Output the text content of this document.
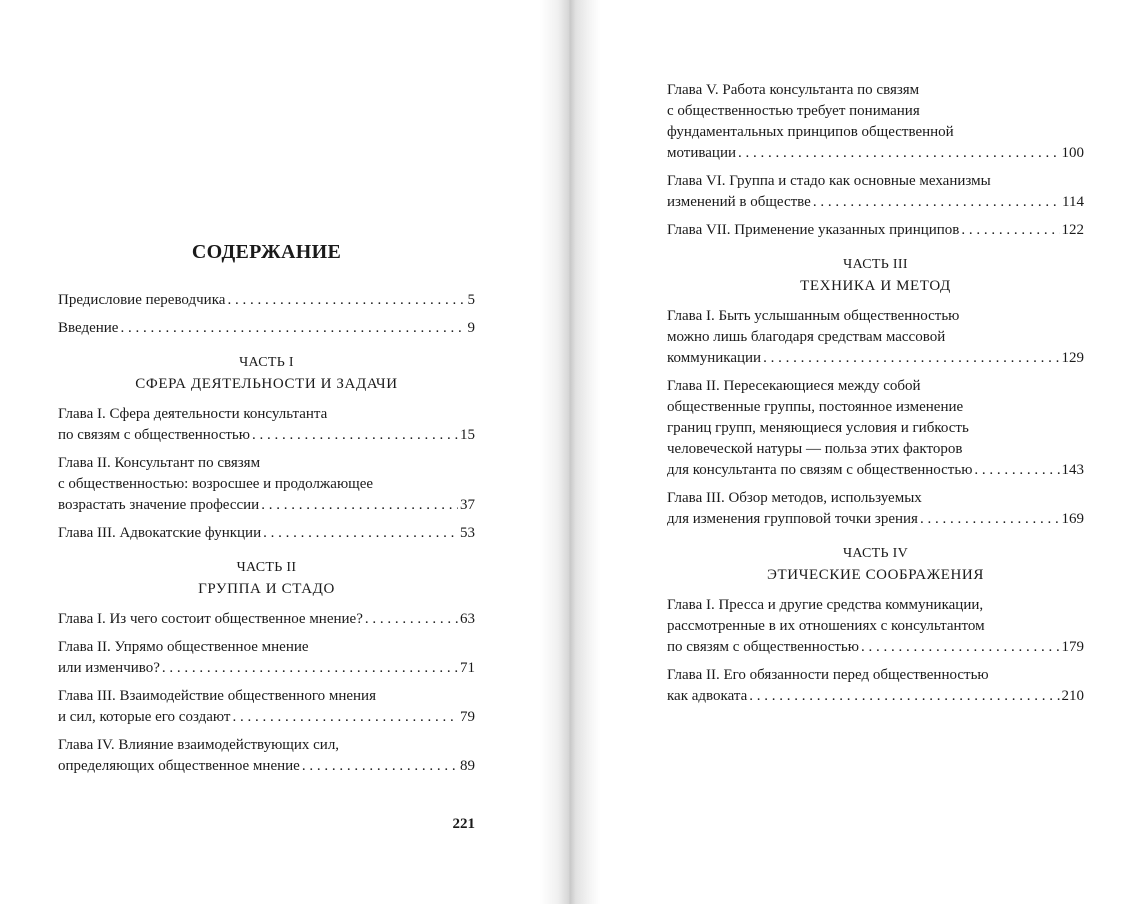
СОДЕРЖАНИЕ
Предисловие переводчика . . .	5
Введение . . .	9
ЧАСТЬ I
СФЕРА ДЕЯТЕЛЬНОСТИ И ЗАДАЧИ
Глава I. Сфера деятельности консультанта
по связям с общественностью . . .	15
Глава II. Консультант по связям
с общественностью: возросшее и продолжающее
возрастать значение профессии . . .	37
Глава III. Адвокатские функции . . .	53
ЧАСТЬ II
ГРУППА И СТАДО
Глава I. Из чего состоит общественное мнение? . . .	63
Глава II. Упрямо общественное мнение
или изменчиво? . . .	71
Глава III. Взаимодействие общественного мнения
и сил, которые его создают . . .	79
Глава IV. Влияние взаимодействующих сил,
определяющих общественное мнение . . .	89
221
Глава V. Работа консультанта по связям
с общественностью требует понимания
фундаментальных принципов общественной
мотивации . . .	100
Глава VI. Группа и стадо как основные механизмы
изменений в обществе . . .	114
Глава VII. Применение указанных принципов . . .	122
ЧАСТЬ III
ТЕХНИКА И МЕТОД
Глава I. Быть услышанным общественностью
можно лишь благодаря средствам массовой
коммуникации . . .	129
Глава II. Пересекающиеся между собой
общественные группы, постоянное изменение
границ групп, меняющиеся условия и гибкость
человеческой натуры — польза этих факторов
для консультанта по связям с общественностью . . .	143
Глава III. Обзор методов, используемых
для изменения групповой точки зрения . . .	169
ЧАСТЬ IV
ЭТИЧЕСКИЕ СООБРАЖЕНИЯ
Глава I. Пресса и другие средства коммуникации,
рассмотренные в их отношениях с консультантом
по связям с общественностью . . .	179
Глава II. Его обязанности перед общественностью
как адвоката . . .	210
